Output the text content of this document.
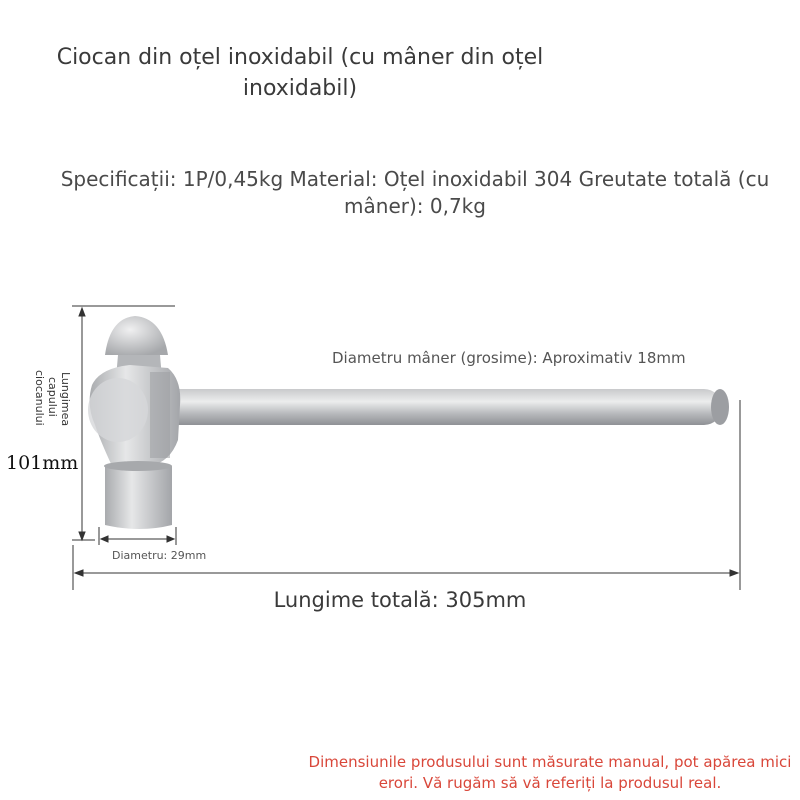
Ciocan din oțel inoxidabil (cu mâner din oțel inoxidabil)
Specificații: 1P/0,45kg Material: Oțel inoxidabil 304 Greutate totală (cu mâner): 0,7kg
Diametru mâner (grosime): Aproximativ 18mm
Lungimea
capului
ciocanului
101mm
Diametru: 29mm
Lungime totală: 305mm
Dimensiunile produsului sunt măsurate manual, pot apărea mici erori. Vă rugăm să vă referiți la produsul real.
